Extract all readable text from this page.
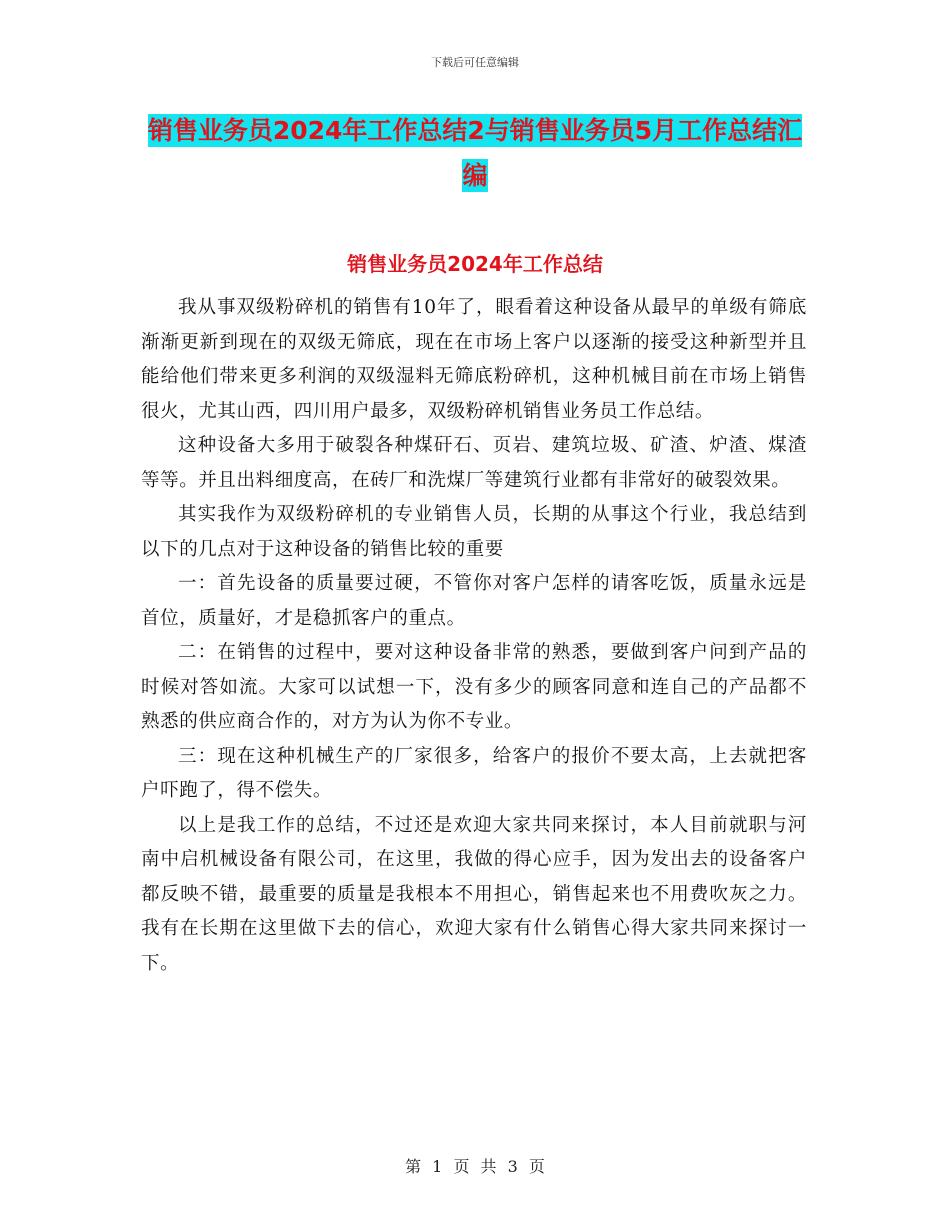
下载后可任意编辑
销售业务员2024年工作总结2与销售业务员5月工作总结汇编
销售业务员2024年工作总结

我从事双级粉碎机的销售有10年了，眼看着这种设备从最早的单级有筛底渐渐更新到现在的双级无筛底，现在在市场上客户以逐渐的接受这种新型并且能给他们带来更多利润的双级湿料无筛底粉碎机，这种机械目前在市场上销售很火，尤其山西，四川用户最多，双级粉碎机销售业务员工作总结。

这种设备大多用于破裂各种煤矸石、页岩、建筑垃圾、矿渣、炉渣、煤渣等等。并且出料细度高，在砖厂和洗煤厂等建筑行业都有非常好的破裂效果。

其实我作为双级粉碎机的专业销售人员，长期的从事这个行业，我总结到以下的几点对于这种设备的销售比较的重要

一：首先设备的质量要过硬，不管你对客户怎样的请客吃饭，质量永远是首位，质量好，才是稳抓客户的重点。

二：在销售的过程中，要对这种设备非常的熟悉，要做到客户问到产品的时候对答如流。大家可以试想一下，没有多少的顾客同意和连自己的产品都不熟悉的供应商合作的，对方为认为你不专业。

三：现在这种机械生产的厂家很多，给客户的报价不要太高，上去就把客户吓跑了，得不偿失。

以上是我工作的总结，不过还是欢迎大家共同来探讨，本人目前就职与河南中启机械设备有限公司，在这里，我做的得心应手，因为发出去的设备客户都反映不错，最重要的质量是我根本不用担心，销售起来也不用费吹灰之力。我有在长期在这里做下去的信心，欢迎大家有什么销售心得大家共同来探讨一下。

第 1 页 共 3 页
